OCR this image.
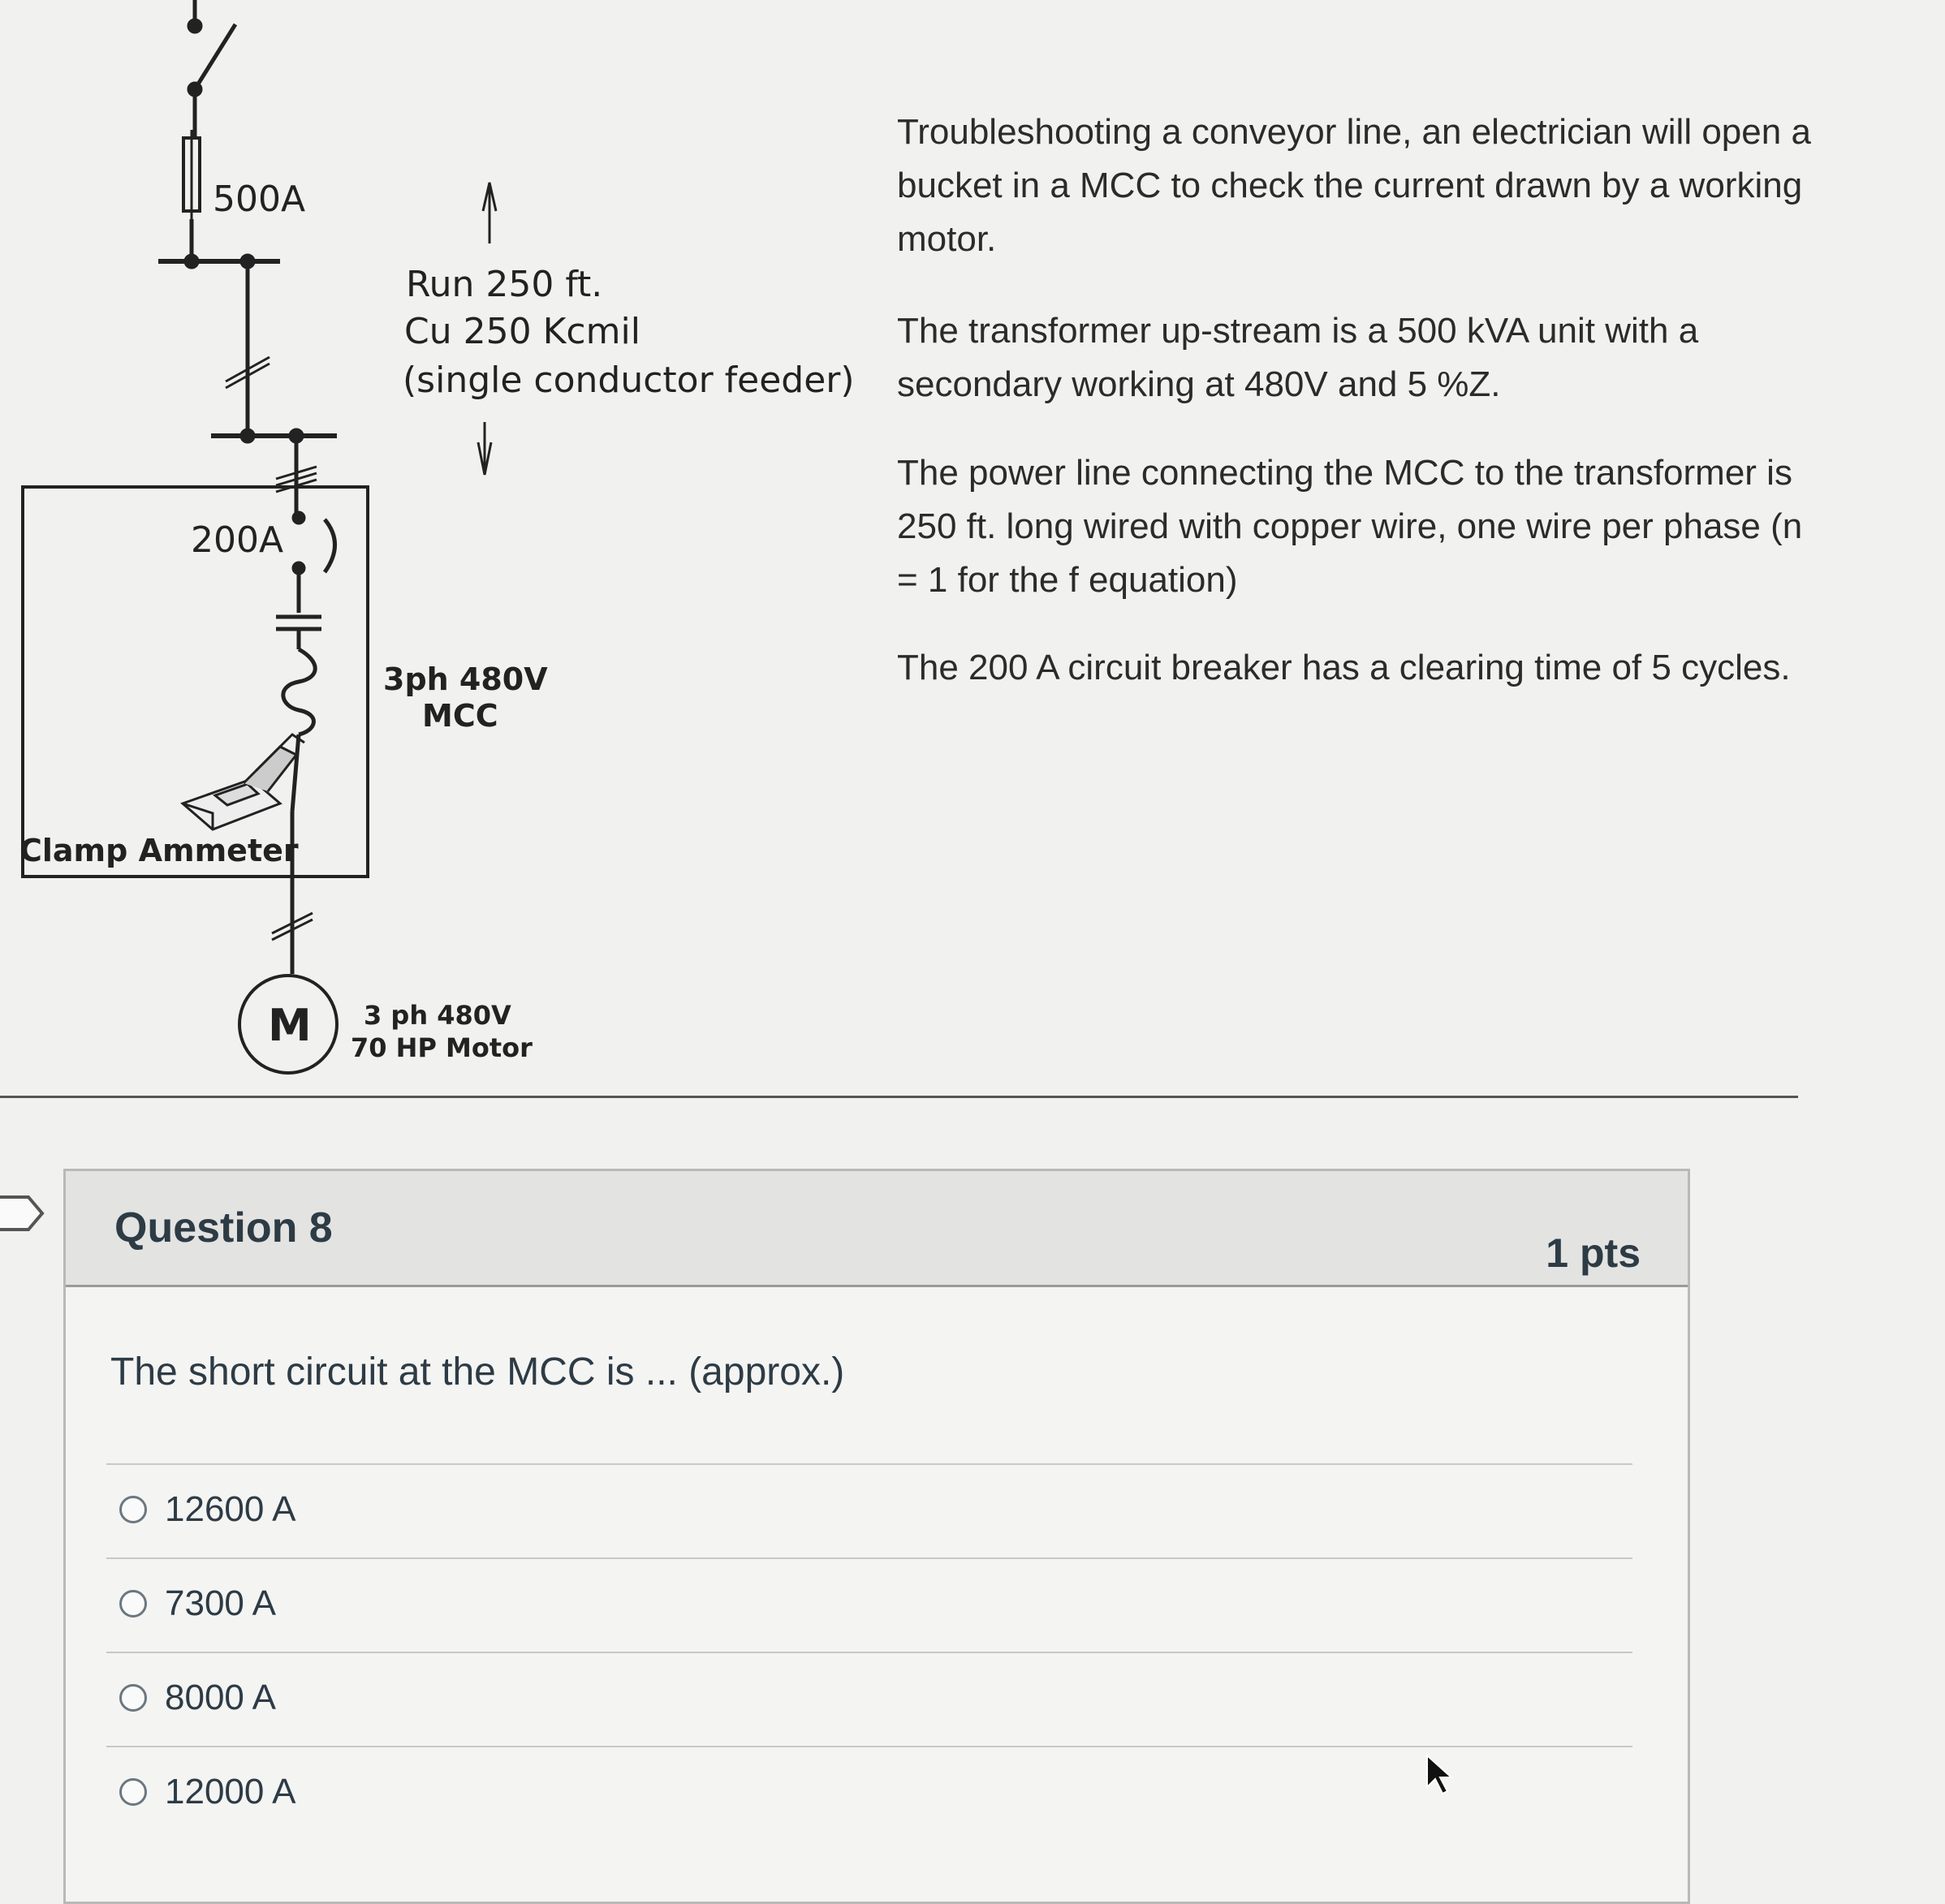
500A
Run 250 ft.
Cu 250 Kcmil
(single conductor feeder)
200A
3ph 480V
MCC
Clamp Ammeter
M 3 ph 480V
70 HP Motor

Troubleshooting a conveyor line, an electrician will open a bucket in a MCC to check the current drawn by a working motor.

The transformer up-stream is a 500 kVA unit with a secondary working at 480V and 5 %Z.

The power line connecting the MCC to the transformer is 250 ft. long wired with copper wire, one wire per phase (n = 1 for the f equation)

The 200 A circuit breaker has a clearing time of 5 cycles.

Question 8
1 pts
The short circuit at the MCC is ... (approx.)
12600 A
7300 A
8000 A
12000 A
